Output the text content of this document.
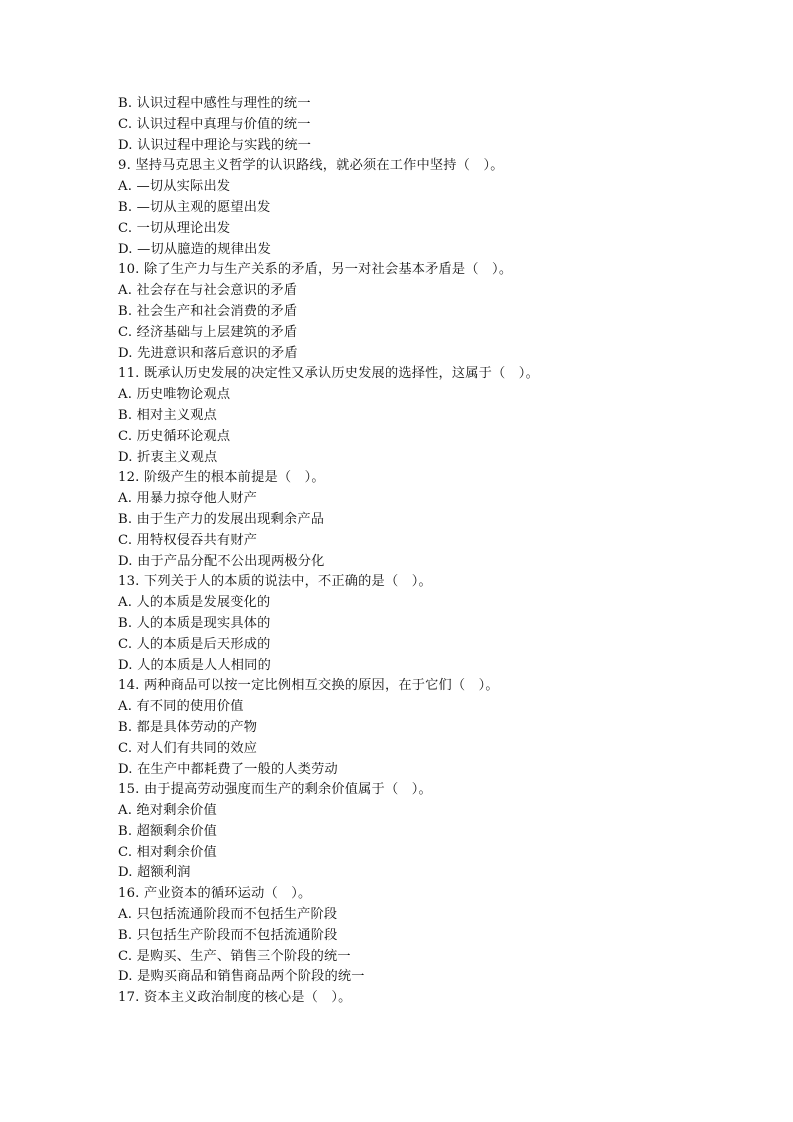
B. 认识过程中感性与理性的统一
C. 认识过程中真理与价值的统一
D. 认识过程中理论与实践的统一
9. 坚持马克思主义哲学的认识路线，就必须在工作中坚持（　）。
A. —切从实际出发
B. —切从主观的愿望出发
C. 一切从理论出发
D. —切从臆造的规律出发
10. 除了生产力与生产关系的矛盾，另一对社会基本矛盾是（　）。
A. 社会存在与社会意识的矛盾
B. 社会生产和社会消费的矛盾
C. 经济基础与上层建筑的矛盾
D. 先进意识和落后意识的矛盾
11. 既承认历史发展的决定性又承认历史发展的选择性，这属于（　）。
A. 历史唯物论观点
B. 相对主义观点
C. 历史循环论观点
D. 折衷主义观点
12. 阶级产生的根本前提是（　）。
A. 用暴力掠夺他人财产
B. 由于生产力的发展出现剩余产品
C. 用特权侵吞共有财产
D. 由于产品分配不公出现两极分化
13. 下列关于人的本质的说法中，不正确的是（　）。
A. 人的本质是发展变化的
B. 人的本质是现实具体的
C. 人的本质是后天形成的
D. 人的本质是人人相同的
14. 两种商品可以按一定比例相互交换的原因，在于它们（　）。
A. 有不同的使用价值
B. 都是具体劳动的产物
C. 对人们有共同的效应
D. 在生产中都耗费了一般的人类劳动
15. 由于提高劳动强度而生产的剩余价值属于（　）。
A. 绝对剩余价值
B. 超额剩余价值
C. 相对剩余价值
D. 超额利润
16. 产业资本的循环运动（　）。
A. 只包括流通阶段而不包括生产阶段
B. 只包括生产阶段而不包括流通阶段
C. 是购买、生产、销售三个阶段的统一
D. 是购买商品和销售商品两个阶段的统一
17. 资本主义政治制度的核心是（　）。
